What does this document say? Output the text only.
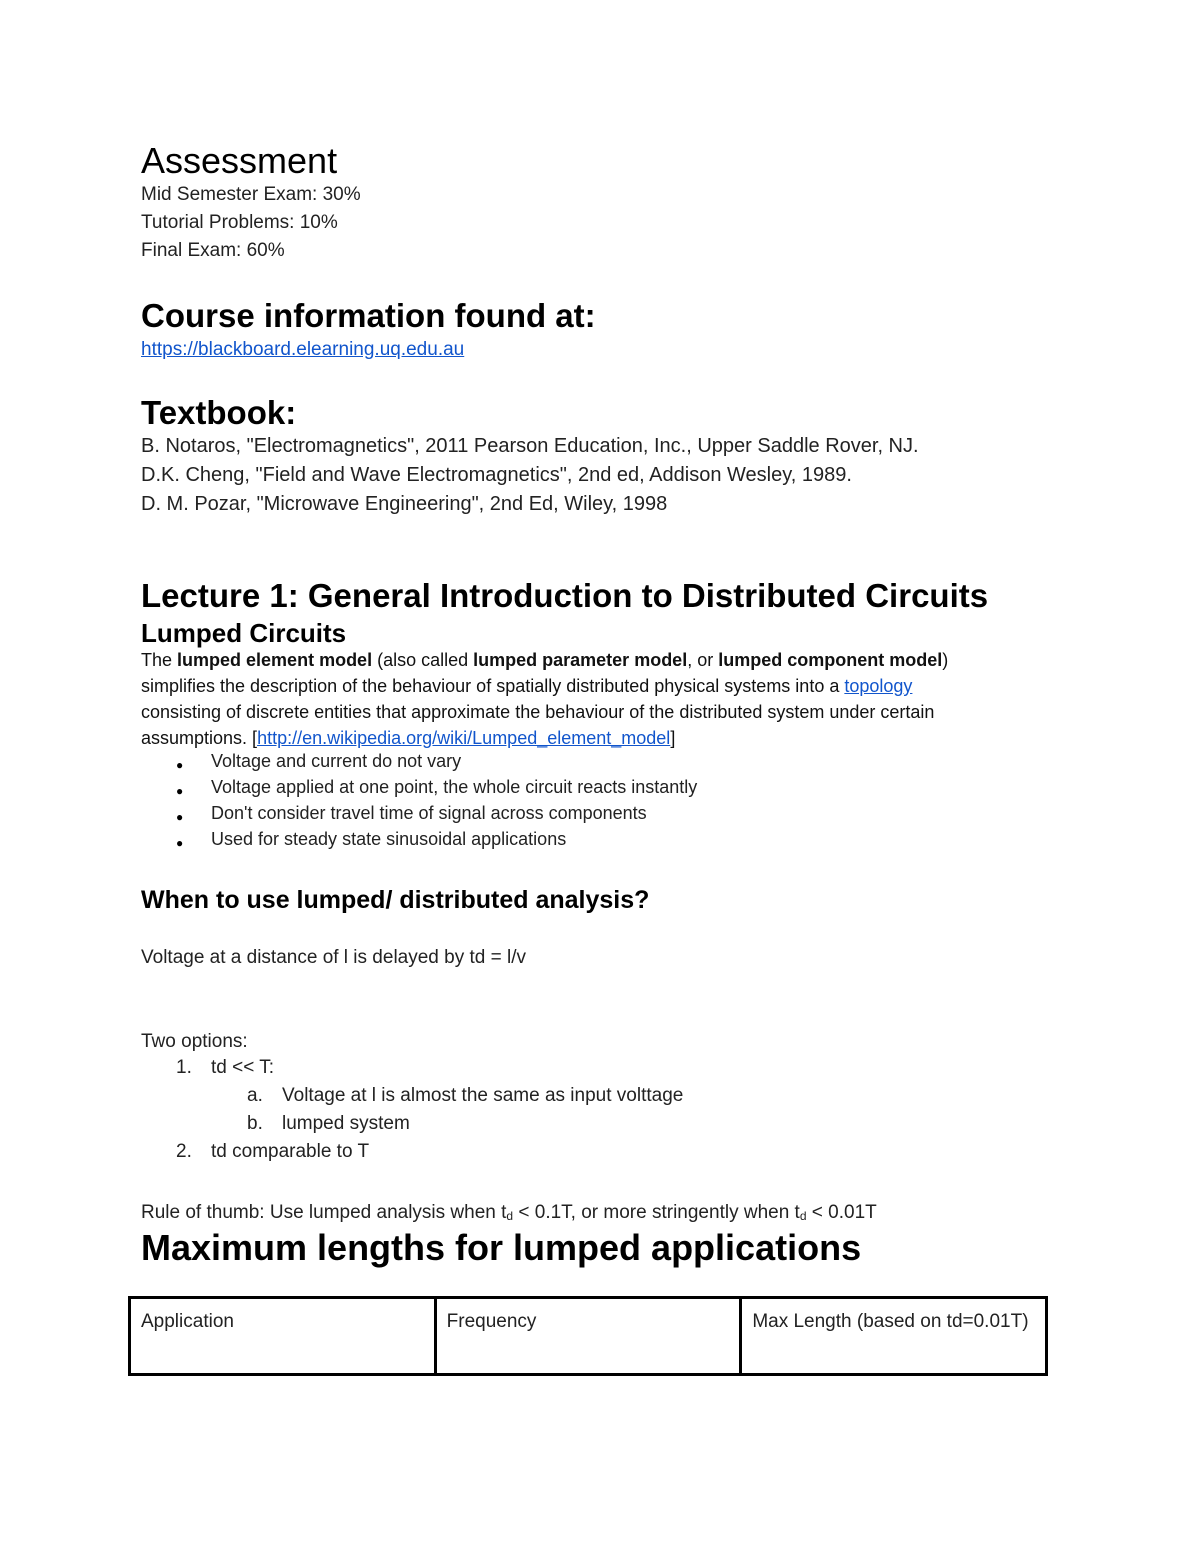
Assessment
Mid Semester Exam: 30%
Tutorial Problems: 10%
Final Exam: 60%
Course information found at:
https://blackboard.elearning.uq.edu.au
Textbook:
B. Notaros, "Electromagnetics", 2011 Pearson Education, Inc., Upper Saddle Rover, NJ.
D.K. Cheng, "Field and Wave Electromagnetics", 2nd ed, Addison Wesley, 1989.
D. M. Pozar, "Microwave Engineering", 2nd Ed, Wiley, 1998
Lecture 1: General Introduction to Distributed Circuits
Lumped Circuits
The lumped element model (also called lumped parameter model, or lumped component model)
simplifies the description of the behaviour of spatially distributed physical systems into a topology
consisting of discrete entities that approximate the behaviour of the distributed system under certain
assumptions. [http://en.wikipedia.org/wiki/Lumped_element_model]
● Voltage and current do not vary
● Voltage applied at one point, the whole circuit reacts instantly
● Don't consider travel time of signal across components
● Used for steady state sinusoidal applications
When to use lumped/ distributed analysis?
Voltage at a distance of l is delayed by td = l/v
Two options:
1. td << T:
a. Voltage at l is almost the same as input volttage
b. lumped system
2. td comparable to T
Rule of thumb: Use lumped analysis when $t_d < 0.1T$, or more stringently when $t_d < 0.01T$
Maximum lengths for lumped applications
Application	Frequency	Max Length (based on td=0.01T)
